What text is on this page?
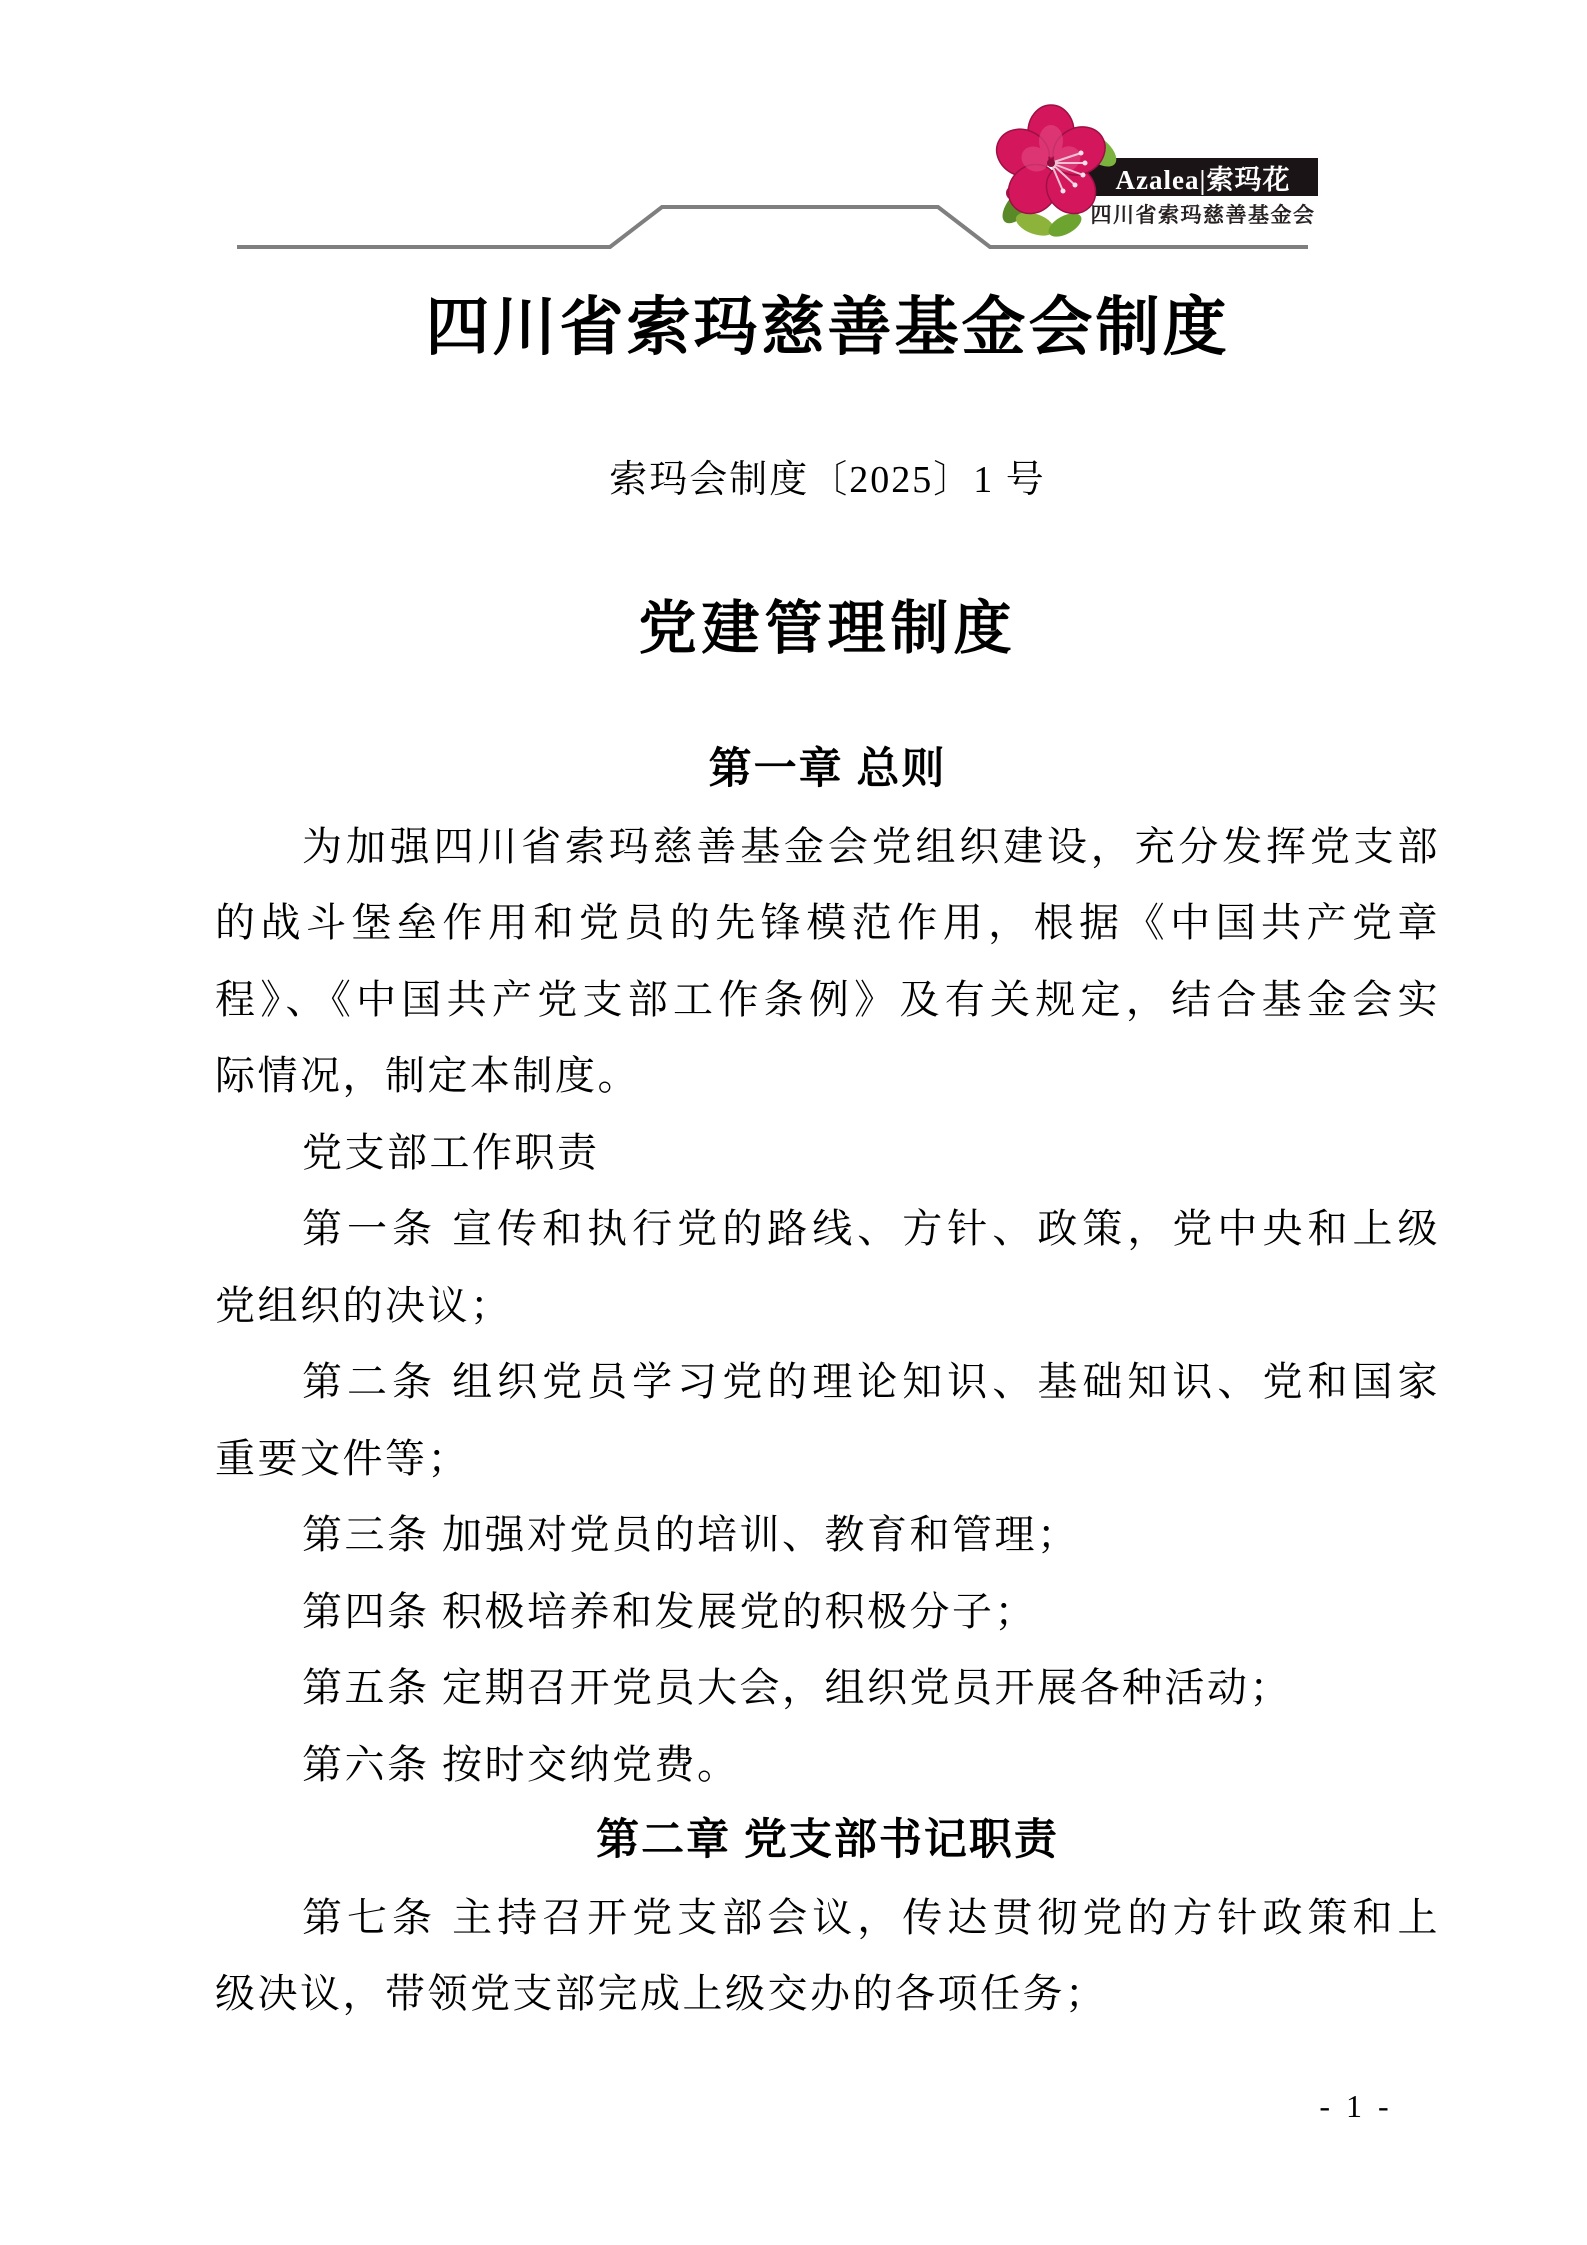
Azalea|索玛花
四川省索玛慈善基金会
四川省索玛慈善基金会制度
索玛会制度〔2025〕1 号
党建管理制度
第一章 总则
为加强四川省索玛慈善基金会党组织建设，充分发挥党支部
的战斗堡垒作用和党员的先锋模范作用，根据《中国共产党章
程》、《中国共产党支部工作条例》及有关规定，结合基金会实
际情况，制定本制度。
党支部工作职责
第一条 宣传和执行党的路线、方针、政策，党中央和上级
党组织的决议；
第二条 组织党员学习党的理论知识、基础知识、党和国家
重要文件等；
第三条 加强对党员的培训、教育和管理；
第四条 积极培养和发展党的积极分子；
第五条 定期召开党员大会，组织党员开展各种活动；
第六条 按时交纳党费。
第二章 党支部书记职责
第七条 主持召开党支部会议，传达贯彻党的方针政策和上
级决议，带领党支部完成上级交办的各项任务；
- 1 -
